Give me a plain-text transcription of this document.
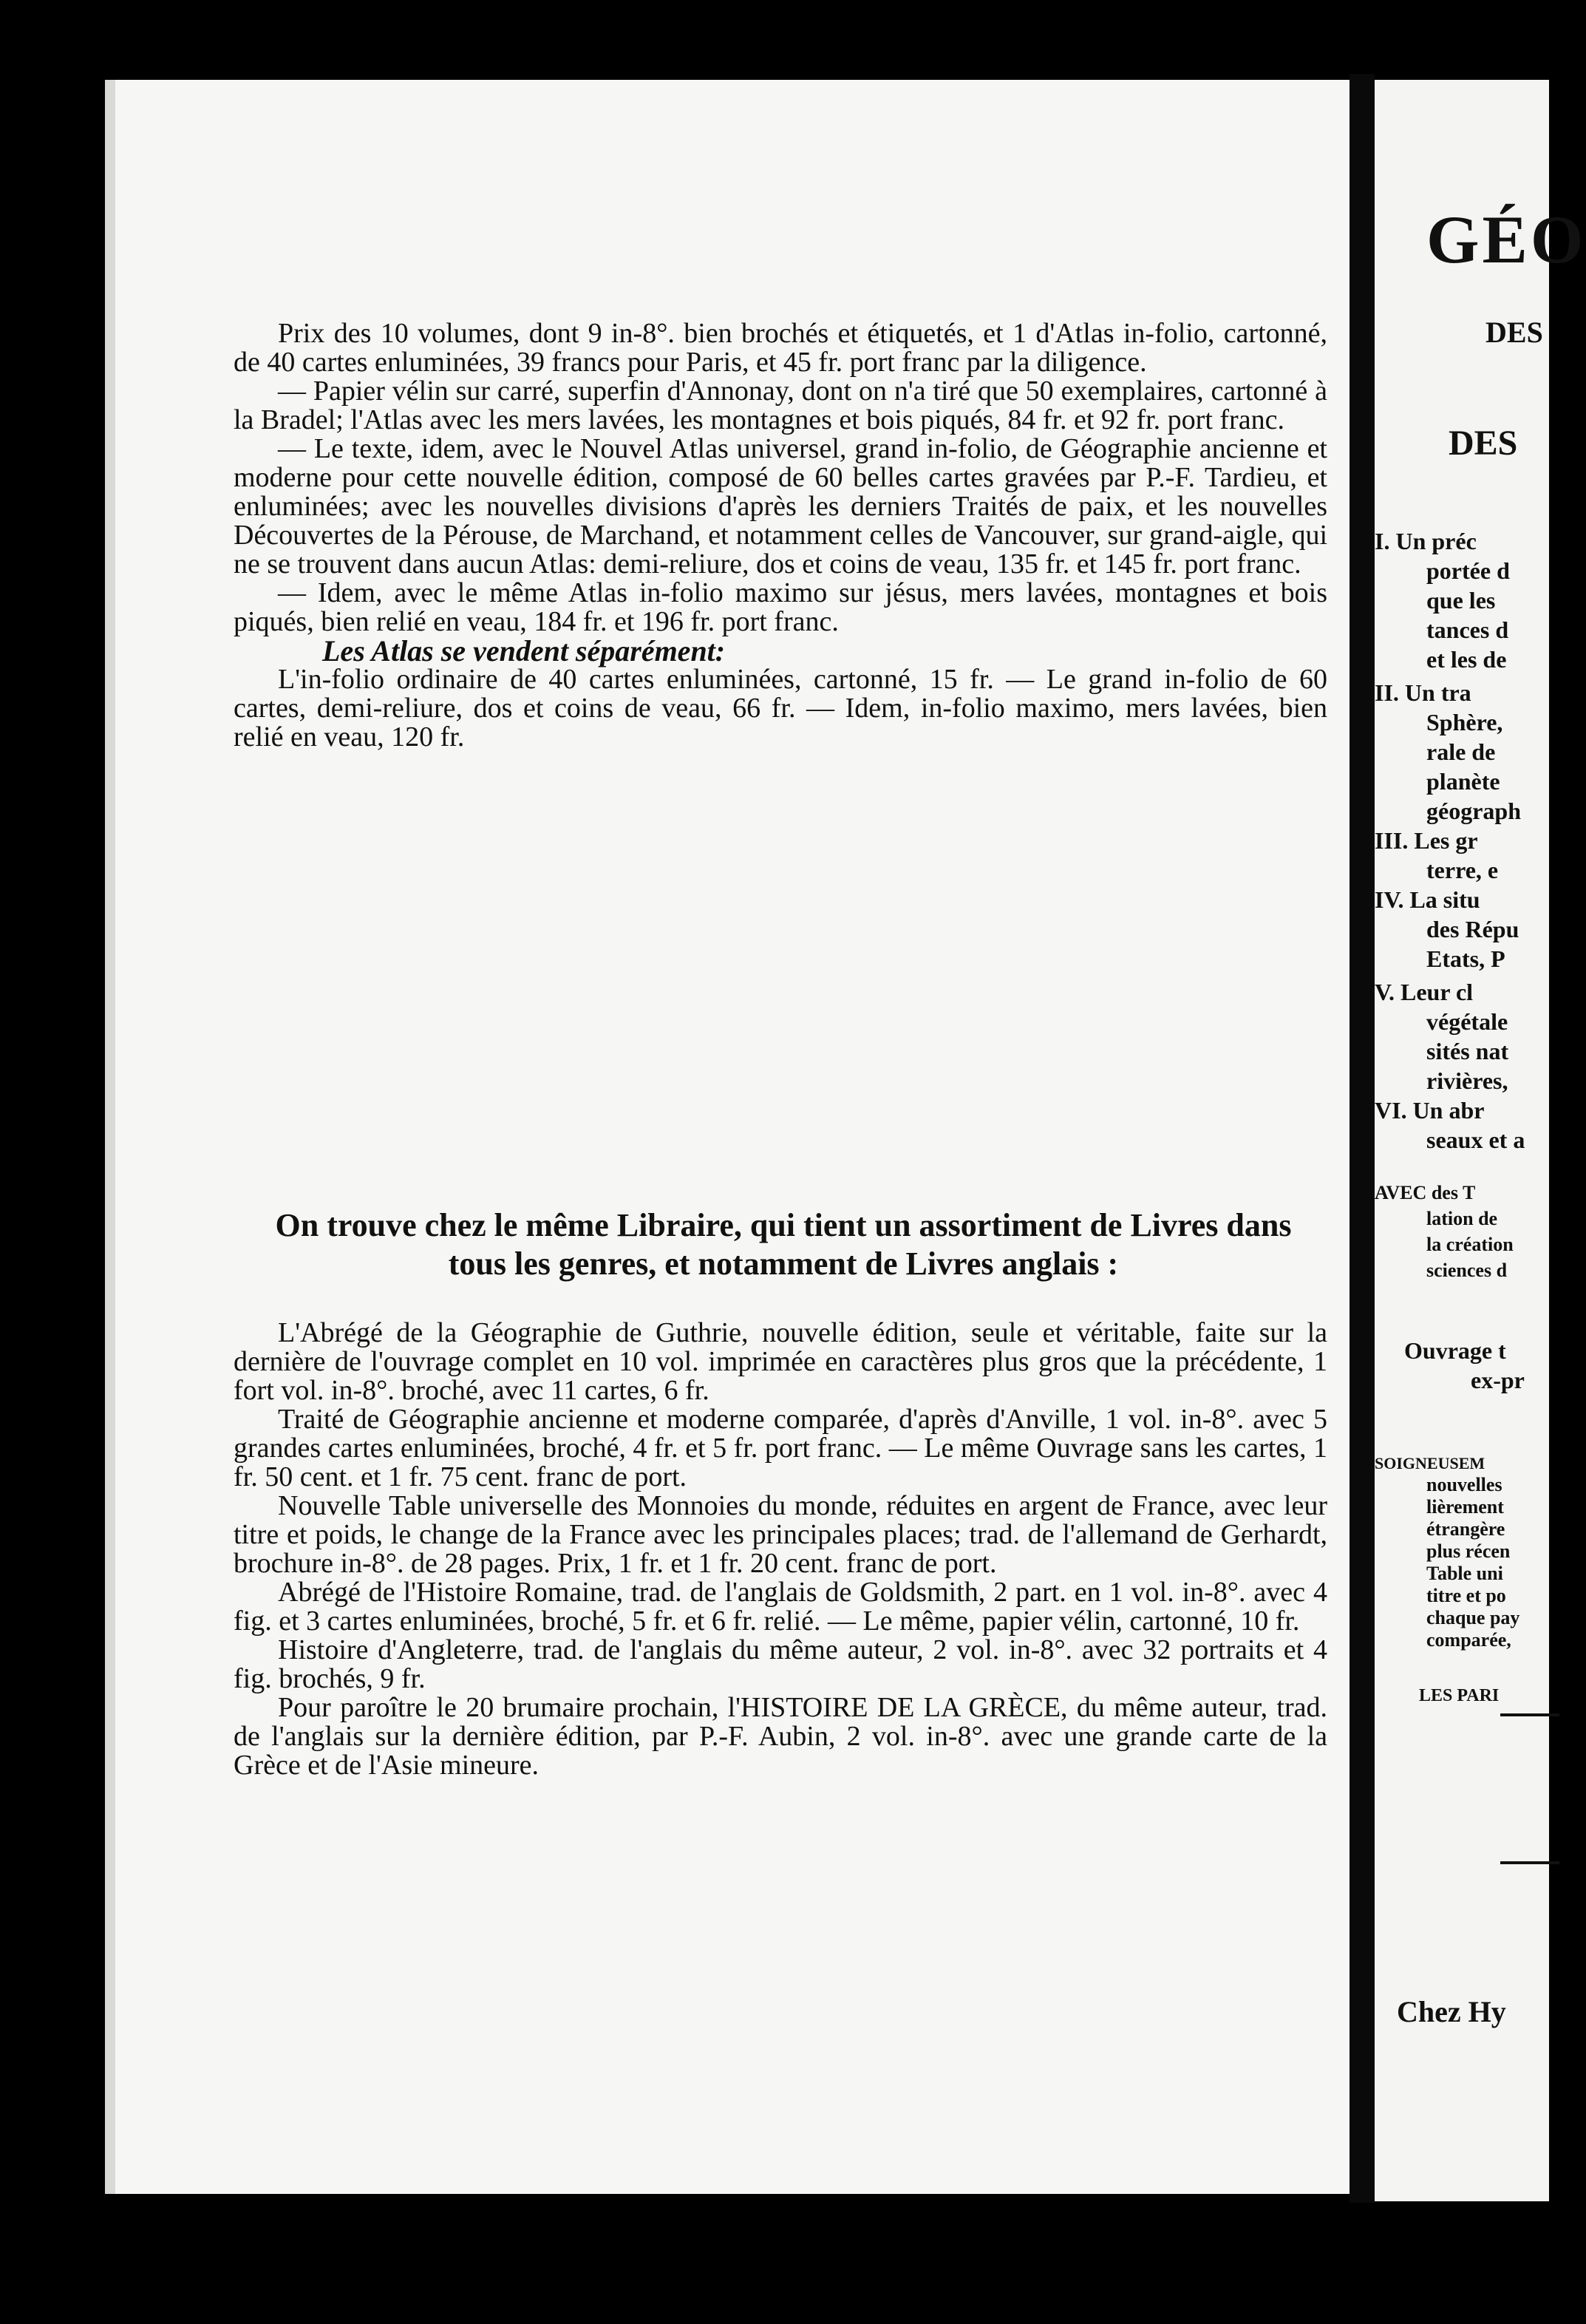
GÉO
DES
DES
I. Un préc
portée d
que les
tances d
et les de
II. Un tra
Sphère,
rale de
planète
géograph
III. Les gr
terre, e
IV. La situ
des Répu
Etats, P
V. Leur cl
végétale
sités nat
rivières,
VI. Un abr
seaux et a
AVEC des T
lation de
la création
sciences d
Ouvrage t
ex-pr
SOIGNEUSEM
nouvelles
lièrement
étrangère
plus récen
Table uni
titre et po
chaque pay
comparée,
LES PARI
Chez Hy

Prix des 10 volumes, dont 9 in-8°. bien brochés et étiquetés, et 1 d'Atlas in-folio, cartonné, de 40 cartes enluminées, 39 francs pour Paris, et 45 fr. port franc par la diligence.

— Papier vélin sur carré, superfin d'Annonay, dont on n'a tiré que 50 exemplaires, cartonné à la Bradel; l'Atlas avec les mers lavées, les montagnes et bois piqués, 84 fr. et 92 fr. port franc.

— Le texte, idem, avec le Nouvel Atlas universel, grand in-folio, de Géographie ancienne et moderne pour cette nouvelle édition, composé de 60 belles cartes gravées par P.-F. Tardieu, et enluminées; avec les nouvelles divisions d'après les derniers Traités de paix, et les nouvelles Découvertes de la Pérouse, de Marchand, et notamment celles de Vancouver, sur grand-aigle, qui ne se trouvent dans aucun Atlas: demi-reliure, dos et coins de veau, 135 fr. et 145 fr. port franc.

— Idem, avec le même Atlas in-folio maximo sur jésus, mers lavées, montagnes et bois piqués, bien relié en veau, 184 fr. et 196 fr. port franc.

Les Atlas se vendent séparément:

L'in-folio ordinaire de 40 cartes enluminées, cartonné, 15 fr. — Le grand in-folio de 60 cartes, demi-reliure, dos et coins de veau, 66 fr. — Idem, in-folio maximo, mers lavées, bien relié en veau, 120 fr.

On trouve chez le même Libraire, qui tient un assortiment de Livres dans tous les genres, et notamment de Livres anglais :

L'Abrégé de la Géographie de Guthrie, nouvelle édition, seule et véritable, faite sur la dernière de l'ouvrage complet en 10 vol. imprimée en caractères plus gros que la précédente, 1 fort vol. in-8°. broché, avec 11 cartes, 6 fr.

Traité de Géographie ancienne et moderne comparée, d'après d'Anville, 1 vol. in-8°. avec 5 grandes cartes enluminées, broché, 4 fr. et 5 fr. port franc. — Le même Ouvrage sans les cartes, 1 fr. 50 cent. et 1 fr. 75 cent. franc de port.

Nouvelle Table universelle des Monnoies du monde, réduites en argent de France, avec leur titre et poids, le change de la France avec les principales places; trad. de l'allemand de Gerhardt, brochure in-8°. de 28 pages. Prix, 1 fr. et 1 fr. 20 cent. franc de port.

Abrégé de l'Histoire Romaine, trad. de l'anglais de Goldsmith, 2 part. en 1 vol. in-8°. avec 4 fig. et 3 cartes enluminées, broché, 5 fr. et 6 fr. relié. — Le même, papier vélin, cartonné, 10 fr.

Histoire d'Angleterre, trad. de l'anglais du même auteur, 2 vol. in-8°. avec 32 portraits et 4 fig. brochés, 9 fr.

Pour paroître le 20 brumaire prochain, l'HISTOIRE DE LA GRÈCE, du même auteur, trad. de l'anglais sur la dernière édition, par P.-F. Aubin, 2 vol. in-8°. avec une grande carte de la Grèce et de l'Asie mineure.
